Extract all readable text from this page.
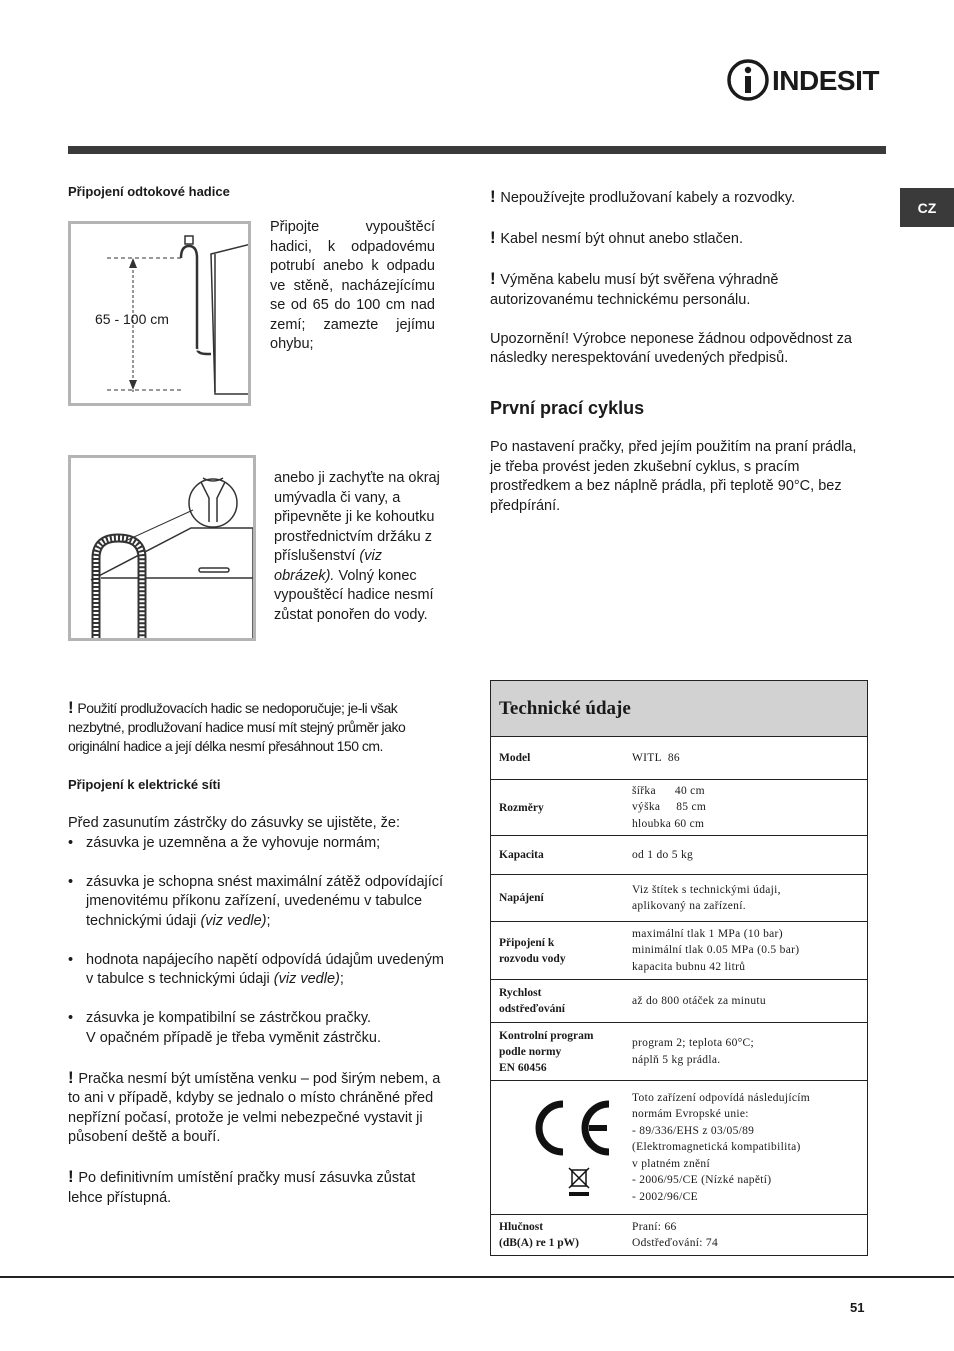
INDESIT
CZ
Připojení odtokové hadice
65 - 100 cm
Připojte vypouštěcí hadici, k odpadovému potrubí anebo k odpadu ve stěně, nacházejícímu se od 65 do 100 cm nad zemí; zamezte jejímu ohybu;
anebo ji zachyťte na okraj umývadla či vany, a připevněte ji ke kohoutku prostřednictvím držáku z příslušenství (viz obrázek). Volný konec vypouštěcí hadice nesmí zůstat ponořen do vody.
! Použití prodlužovacích hadic se nedoporučuje; je-li však nezbytné, prodlužovaní hadice musí mít stejný průměr jako originální hadice a její délka nesmí přesáhnout 150 cm.
Připojení k elektrické síti
Před zasunutím zástrčky do zásuvky se ujistěte, že:
• zásuvka je uzemněna a že vyhovuje normám;
• zásuvka je schopna snést maximální zátěž odpovídající jmenovitému příkonu zařízení, uvedenému v tabulce technickými údaji (viz vedle);
• hodnota napájecího napětí odpovídá údajům uvedeným v tabulce s technickými údaji (viz vedle);
• zásuvka je kompatibilní se zástrčkou pračky.
V opačném případě je třeba vyměnit zástrčku.
! Pračka nesmí být umístěna venku – pod širým nebem, a to ani v případě, kdyby se jednalo o místo chráněné před nepřízní počasí, protože je velmi nebezpečné vystavit ji působení deště a bouří.
! Po definitivním umístění pračky musí zásuvka zůstat lehce přístupná.
! Nepoužívejte prodlužovaní kabely a rozvodky.
! Kabel nesmí být ohnut anebo stlačen.
! Výměna kabelu musí být svěřena výhradně autorizovanému technickému personálu.
Upozornění! Výrobce neponese žádnou odpovědnost za následky nerespektování uvedených předpisů.
První prací cyklus
Po nastavení pračky, před jejím použitím na praní prádla, je třeba provést jeden zkušební cyklus, s pracím prostředkem a bez náplně prádla, při teplotě 90°C, bez předpírání.
Technické údaje
Model	WITL  86
Rozměry
šířka      40 cm
výška     85 cm
hloubka 60 cm
Kapacita	od 1 do 5 kg
Napájení
Viz štítek s technickými údaji,
aplikovaný na zařízení.
Připojení k
rozvodu vody
maximální tlak 1 MPa (10 bar)
minimální tlak 0.05 MPa (0.5 bar)
kapacita bubnu 42 litrů
Rychlost
odstřeďování
až do 800 otáček za minutu
Kontrolní program
podle normy
EN 60456
program 2; teplota 60°C;
náplň 5 kg prádla.
Toto zařízení odpovídá následujícím
normám Evropské unie:
- 89/336/EHS z 03/05/89
(Elektromagnetická kompatibilita)
v platném znění
- 2006/95/CE (Nízké napětí)
- 2002/96/CE
Hlučnost
(dB(A) re 1 pW)
Praní: 66
Odstřeďování: 74
51
